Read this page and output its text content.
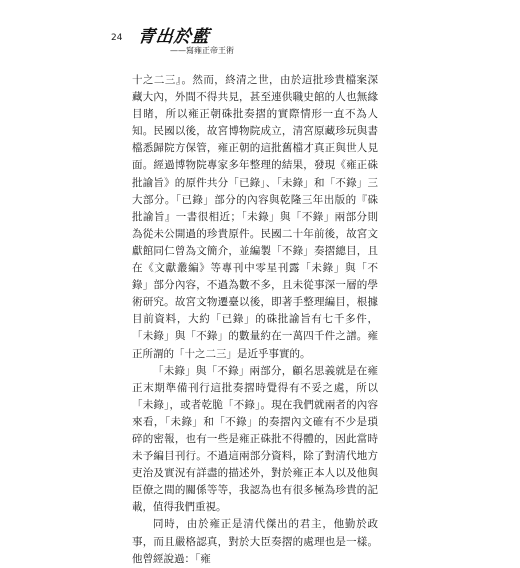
24 青出於藍
——寫雍正帝王術

十之二三』。然而，終清之世，由於這批珍貴檔案深藏大內，外間不得共見，甚至連供職史館的人也無緣目睹，所以雍正朝硃批奏摺的實際情形一直不為人知。民國以後，故宮博物院成立，清宮原藏珍玩與書檔悉歸院方保管，雍正朝的這批舊檔才真正與世人見面。經過博物院專家多年整理的結果，發現《雍正硃批諭旨》的原件共分「已錄」、「未錄」和「不錄」三大部分。「已錄」部分的內容與乾隆三年出版的『硃批諭旨』一書很相近；「未錄」與「不錄」兩部分則為從未公開過的珍貴原件。民國二十年前後，故宮文獻館同仁曾為文簡介，並編製「不錄」奏摺總目，且在《文獻叢編》等專刊中零星刊露「未錄」與「不錄」部分內容，不過為數不多，且未從事深一層的學術研究。故宮文物遷臺以後，即著手整理編目，根據目前資料，大約「已錄」的硃批諭旨有七千多件，「未錄」與「不錄」的數量約在一萬四千件之譜。雍正所謂的「十之二三」是近乎事實的。

「未錄」與「不錄」兩部分，顧名思義就是在雍正末期準備刊行這批奏摺時覺得有不妥之處，所以「未錄」，或者乾脆「不錄」。現在我們就兩者的內容來看，「未錄」和「不錄」的奏摺內文確有不少是瑣碎的密報，也有一些是雍正硃批不得體的，因此當時未予編目刊行。不過這兩部分資料，除了對清代地方吏治及實況有詳盡的描述外，對於雍正本人以及他與臣僚之間的關係等等，我認為也有很多極為珍貴的記載，值得我們重視。

同時，由於雍正是清代傑出的君主，他勤於政事，而且嚴格認真，對於大臣奏摺的處理也是一樣。他曾經說過：「雍
